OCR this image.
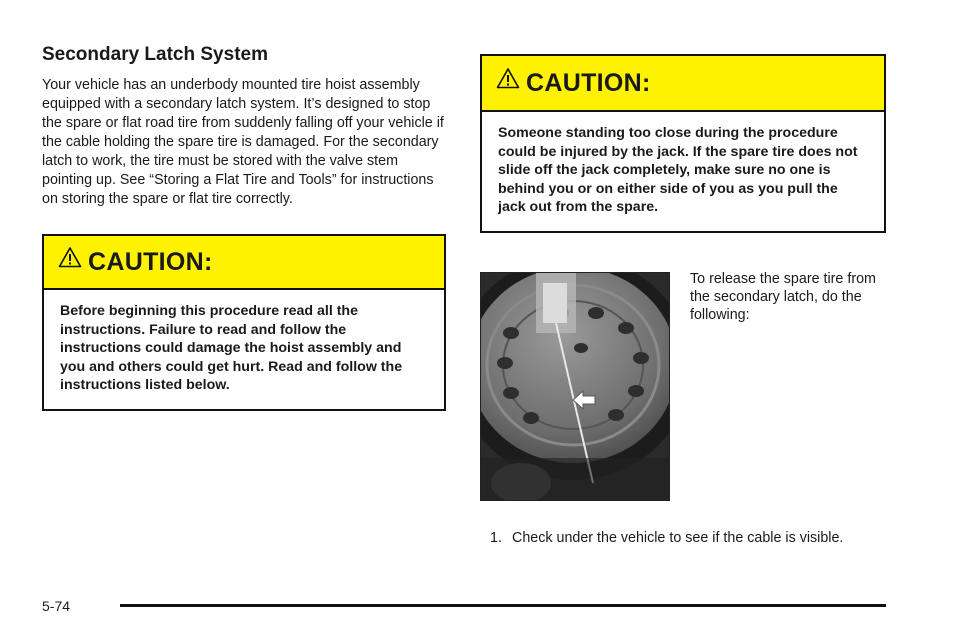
Secondary Latch System

Your vehicle has an underbody mounted tire hoist assembly equipped with a secondary latch system. It’s designed to stop the spare or flat road tire from suddenly falling off your vehicle if the cable holding the spare tire is damaged. For the secondary latch to work, the tire must be stored with the valve stem pointing up. See “Storing a Flat Tire and Tools” for instructions on storing the spare or flat tire correctly.

CAUTION:
Before beginning this procedure read all the instructions. Failure to read and follow the instructions could damage the hoist assembly and you and others could get hurt. Read and follow the instructions listed below.
CAUTION:
Someone standing too close during the procedure could be injured by the jack. If the spare tire does not slide off the jack completely, make sure no one is behind you or on either side of you as you pull the jack out from the spare.
To release the spare tire from the secondary latch, do the following:
1. Check under the vehicle to see if the cable is visible.
5-74
